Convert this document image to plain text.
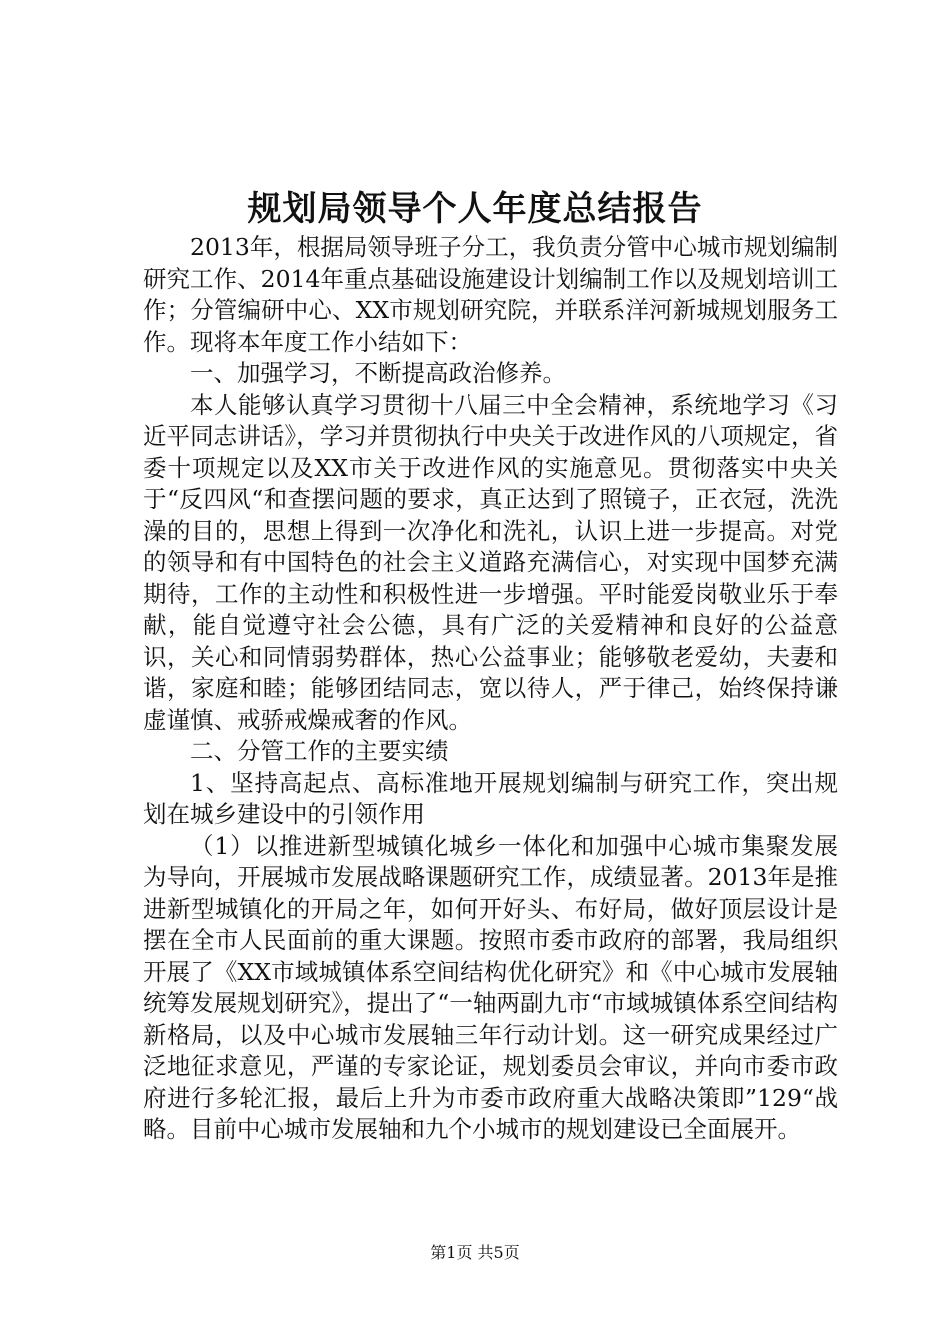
规划局领导个人年度总结报告

2013年，根据局领导班子分工，我负责分管中心城市规划编制研究工作、2014年重点基础设施建设计划编制工作以及规划培训工作；分管编研中心、XX市规划研究院，并联系洋河新城规划服务工作。现将本年度工作小结如下：

一、加强学习，不断提高政治修养。

本人能够认真学习贯彻十八届三中全会精神，系统地学习《习近平同志讲话》，学习并贯彻执行中央关于改进作风的八项规定，省委十项规定以及XX市关于改进作风的实施意见。贯彻落实中央关于“反四风“和查摆问题的要求，真正达到了照镜子，正衣冠，洗洗澡的目的，思想上得到一次净化和洗礼，认识上进一步提高。对党的领导和有中国特色的社会主义道路充满信心，对实现中国梦充满期待，工作的主动性和积极性进一步增强。平时能爱岗敬业乐于奉献，能自觉遵守社会公德，具有广泛的关爱精神和良好的公益意识，关心和同情弱势群体，热心公益事业；能够敬老爱幼，夫妻和谐，家庭和睦；能够团结同志，宽以待人，严于律己，始终保持谦虚谨慎、戒骄戒燥戒奢的作风。

二、分管工作的主要实绩

1、坚持高起点、高标准地开展规划编制与研究工作，突出规划在城乡建设中的引领作用

（1）以推进新型城镇化城乡一体化和加强中心城市集聚发展为导向，开展城市发展战略课题研究工作，成绩显著。2013年是推进新型城镇化的开局之年，如何开好头、布好局，做好顶层设计是摆在全市人民面前的重大课题。按照市委市政府的部署，我局组织开展了《XX市域城镇体系空间结构优化研究》和《中心城市发展轴统筹发展规划研究》，提出了“一轴两副九市“市域城镇体系空间结构新格局，以及中心城市发展轴三年行动计划。这一研究成果经过广泛地征求意见，严谨的专家论证，规划委员会审议，并向市委市政府进行多轮汇报，最后上升为市委市政府重大战略决策即”129“战略。目前中心城市发展轴和九个小城市的规划建设已全面展开。

第1页 共5页
